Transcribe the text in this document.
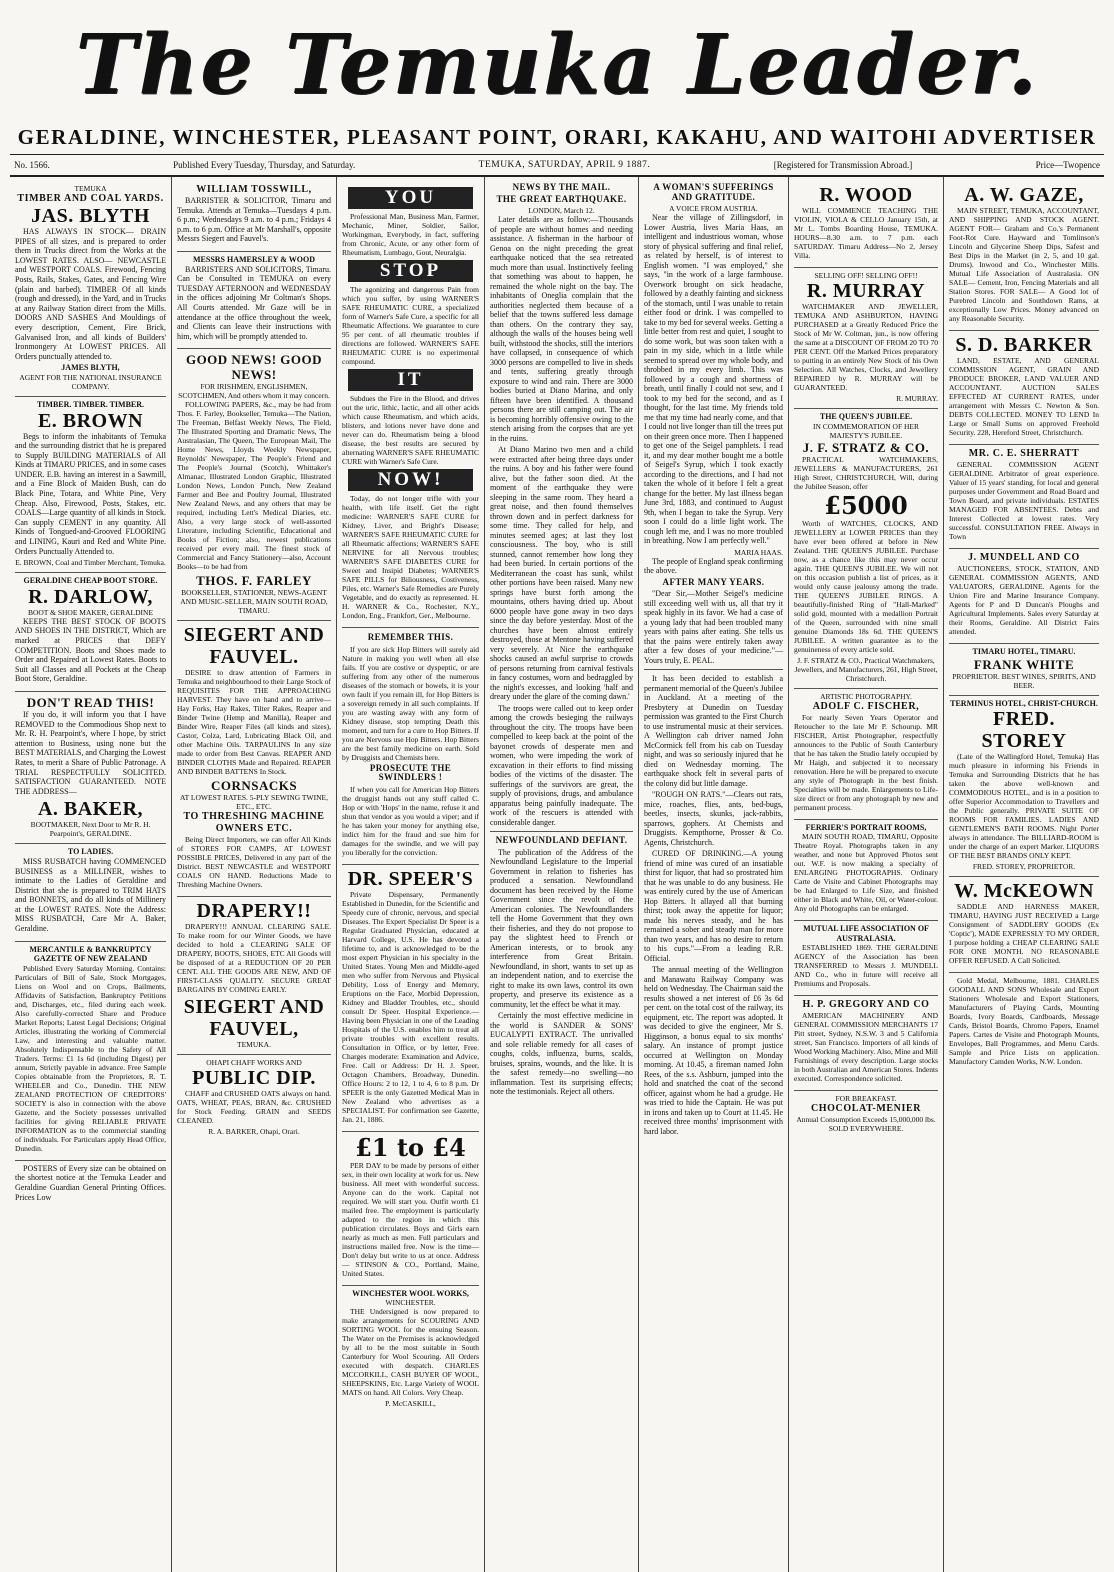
The Temuka Leader.
GERALDINE, WINCHESTER, PLEASANT POINT, ORARI, KAKAHU, AND WAITOHI ADVERTISER
No. 1566.	Published Every Tuesday, Thursday, and Saturday.	TEMUKA, SATURDAY, APRIL 9 1887.	[Registered for Transmission Abroad.]	Price—Twopence
TEMUKA
TIMBER AND COAL YARDS.
JAS. BLYTH

HAS ALWAYS IN STOCK— DRAIN PIPES of all sizes, and is prepared to order them in Trucks direct from the Works at the LOWEST RATES. ALSO— NEWCASTLE and WESTPORT COALS. Firewood, Fencing Posts, Rails, Stakes, Gates, and Fencing Wire (plain and barbed). TIMBER Of all kinds (rough and dressed), in the Yard, and in Trucks at any Railway Station direct from the Mills. DOORS AND SASHES And Mouldings of every description, Cement, Fire Brick, Galvanised Iron, and all kinds of Builders' Ironmongery At LOWEST PRICES. All Orders punctually attended to.

JAMES BLYTH,
AGENT FOR THE NATIONAL INSURANCE COMPANY.
TIMBER. TIMBER. TIMBER.
E. BROWN

Begs to inform the inhabitants of Temuka and the surrounding district that he is prepared to Supply BUILDING MATERIALS of All Kinds at TIMARU PRICES, and in some cases UNDER. E.B. having an interest in a Sawmill, and a Fine Block of Maiden Bush, can do Black Pine, Totara, and White Pine, Very Cheap. Also, Firewood, Posts, Stakes, etc. COALS—Large quantity of all kinds in Stock. Can supply CEMENT in any quantity. All Kinds of Tongued-and-Grooved FLOORING and LINING, Kauri and Red and White Pine. Orders Punctually Attended to.

E. BROWN, Coal and Timber Merchant, Temuka.
GERALDINE CHEAP BOOT STORE.
R. DARLOW,
BOOT & SHOE MAKER, GERALDINE

KEEPS THE BEST STOCK OF BOOTS AND SHOES IN THE DISTRICT, Which are marked at PRICES that DEFY COMPETITION. Boots and Shoes made to Order and Repaired at Lowest Rates. Boots to Suit all Classes and all Pockets at the Cheap Boot Store, Geraldine.

DON'T READ THIS!

If you do, it will inform you that I have REMOVED to the Commodious Shop next to Mr. R. H. Pearpoint's, where I hope, by strict attention to Business, using none but the BEST MATERIALS, and Charging the Lowest Rates, to merit a Share of Public Patronage. A TRIAL RESPECTFULLY SOLICITED. SATISFACTION GUARANTEED. NOTE THE ADDRESS—

A. BAKER,
BOOTMAKER, Next Door to Mr R. H. Pearpoint's, GERALDINE.
TO LADIES.

MISS RUSBATCH having COMMENCED BUSINESS as a MILLINER, wishes to intimate to the Ladies of Geraldine and District that she is prepared to TRIM HATS and BONNETS, and do all kinds of Millinery at the LOWEST RATES. Note the Address: MISS RUSBATCH, Care Mr A. Baker, Geraldine.

MERCANTILE & BANKRUPTCY GAZETTE OF NEW ZEALAND

Published Every Saturday Morning. Contains: Particulars of Bill of Sale, Stock Mortgages, Liens on Wool and on Crops, Bailments, Affidavits of Satisfaction, Bankruptcy Petitions and, Discharges, etc., filed during each week. Also carefully-corrected Share and Produce Market Reports; Latest Legal Decisions; Original Articles, illustrating the working of Commercial Law, and interesting and valuable matter. Absolutely Indispensable to the Safety of All Traders. Terms: £1 1s 6d (including Digest) per annum, Strictly payable in advance. Free Sample Copies obtainable from the Proprietors, R. T. WHEELER and Co., Dunedin. THE NEW ZEALAND PROTECTION OF CREDITORS' SOCIETY is also in connection with the above Gazette, and the Society possesses unrivalled facilities for giving RELIABLE PRIVATE INFORMATION as to the commercial standing of individuals. For Particulars apply Head Office, Dunedin.

POSTERS of Every size can be obtained on the shortest notice at the Temuka Leader and Geraldine Guardian General Printing Offices. Prices Low

WILLIAM TOSSWILL,

BARRISTER & SOLICITOR, Timaru and Temuka. Attends at Temuka—Tuesdays 4 p.m. 6 p.m.; Wednesdays 9 a.m. to 4 p.m.; Fridays 4 p.m. to 6 p.m. Office at Mr Marshall's, opposite Messrs Siegert and Fauvel's.

MESSRS HAMERSLEY & WOOD

BARRISTERS AND SOLICITORS, Timaru. Can be Consulted in TEMUKA on every TUESDAY AFTERNOON and WEDNESDAY in the offices adjoining Mr Coltman's Shops. All Courts attended. Mr Gaze will be in attendance at the office throughout the week, and Clients can leave their instructions with him, which will be promptly attended to.

GOOD NEWS! GOOD NEWS!
FOR IRISHMEN, ENGLISHMEN, SCOTCHMEN, And others whom it may concern.

FOLLOWING PAPERS, &c., may be had from Thos. F. Farley, Bookseller, Temuka—The Nation, The Freeman, Belfast Weekly News, The Field, The Illustrated Sporting and Dramatic News, The Australasian, The Queen, The European Mail, The Home News, Lloyds Weekly Newspaper, Reynolds' Newspaper, The People's Friend and The People's Journal (Scotch), Whittaker's Almanac, Illustrated London Graphic, Illustrated London News, London Punch, New Zealand Farmer and Bee and Poultry Journal, Illustrated New Zealand News, and any others that may be required, including Lett's Medical Diaries, etc. Also, a very large stock of well-assorted Literature, including Scientific, Educational and Books of Fiction; also, newest publications received per every mail. The finest stock of Commercial and Fancy Stationery—also, Account Books—to be had from

THOS. F. FARLEY
BOOKSELLER, STATIONER, NEWS-AGENT AND MUSIC-SELLER, MAIN SOUTH ROAD, TIMARU.
SIEGERT AND FAUVEL.

DESIRE to draw attention of Farmers in Temuka and neighbourhood to their Large Stock of REQUISITES FOR THE APPROACHING HARVEST. They have on hand and to arrive— Hay Forks, Hay Rakes, Tilter Rakes, Reaper and Binder Twine (Hemp and Manilla), Reaper and Binder Wire, Reaper Files (all kinds and sizes), Castor, Colza, Lard, Lubricating Black Oil, and other Machine Oils. TARPAULINS In any size made to order from Best Canvas. REAPER AND BINDER CLOTHS Made and Repaired. REAPER AND BINDER BATTENS In Stock.

CORNSACKS
AT LOWEST RATES. 5-PLY SEWING TWINE, ETC., ETC.
TO THRESHING MACHINE OWNERS ETC.

Being Direct Importers, we can offer All Kinds of STORES FOR CAMPS, AT LOWEST POSSIBLE PRICES, Delivered in any part of the District. BEST NEWCASTLE and WESTPORT COALS ON HAND. Reductions Made to Threshing Machine Owners.

DRAPERY!!

DRAPERY!!! ANNUAL CLEARING SALE. To make room for our Winter Goods, we have decided to hold a CLEARING SALE OF DRAPERY, BOOTS, SHOES, ETC All Goods will be disposed of at a REDUCTION OF 20 PER CENT. ALL THE GOODS ARE NEW, AND OF FIRST-CLASS QUALITY. SECURE GREAT BARGAINS BY COMING EARLY.

SIEGERT AND FAUVEL,
TEMUKA.
OHAPI CHAFF WORKS AND
PUBLIC DIP.

CHAFF and CRUSHED OATS always on hand. OATS, WHEAT, PEAS, BRAN, &c. CRUSHED for Stock Feeding. GRAIN and SEEDS CLEANED.

R. A. BARKER, Ohapi, Orari.
YOU

Professional Man, Business Man, Farmer, Mechanic, Miner, Soldier, Sailor, Workingman, Everybody, in fact, suffering from Chronic, Acute, or any other form of Rheumatism, Lumbago, Gout, Neuralgia.

STOP

The agonizing and dangerous Pain from which you suffer, by using WARNER'S SAFE RHEUMATIC CURE, a specialized form of Warner's Safe Cure, a specific for all Rheumatic Affections. We guarantee to cure 95 per cent. of all rheumatic troubles if directions are followed. WARNER'S SAFE RHEUMATIC CURE is no experimental compound.

IT

Subdues the Fire in the Blood, and drives out the uric, lithic, lactic, and all other acids which cause Rheumatism, and which acids, blisters, and lotions never have done and never can do. Rheumatism being a blood disease, the best results are secured by alternating WARNER'S SAFE RHEUMATIC CURE with Warner's Safe Cure.

NOW!

Today, do not longer trifle with your health, with life itself. Get the right medicine: WARNER'S SAFE CURE for Kidney, Liver, and Bright's Disease; WARNER'S SAFE RHEUMATIC CURE for all Rheumatic affections; WARNER'S SAFE NERVINE for all Nervous troubles; WARNER'S SAFE DIABETES CURE for Sweet and Insipid Diabetes; WARNER'S SAFE PILLS for Biliousness, Costiveness, Piles, etc. Warner's Safe Remedies are Purely Vegetable, and do exactly as represented. H. H. WARNER & Co., Rochester, N.Y., London, Eng., Frankfort, Ger., Melbourne.

REMEMBER THIS.

If you are sick Hop Bitters will surely aid Nature in making you well when all else fails. If you are costive or dyspeptic, or are suffering from any other of the numerous diseases of the stomach or bowels, it is your own fault if you remain ill, for Hop Bitters is a sovereign remedy in all such complaints. If you are wasting away with any form of Kidney disease, stop tempting Death this moment, and turn for a cure to Hop Bitters. If you are Nervous use Hop Bitters. Hop Bitters are the best family medicine on earth. Sold by Druggists and Chemists here.

PROSECUTE THE SWINDLERS !

If when you call for American Hop Bitters the druggist hands out any stuff called C. Hop or with 'Hops' in the name, refuse it and shun that vendor as you would a viper; and if he has taken your money for anything else, indict him for the fraud and sue him for damages for the swindle, and we will pay you liberally for the conviction.

DR. SPEER'S

Private Dispensary, Permanently Established in Dunedin, for the Scientific and Speedy cure of chronic, nervous, and special Diseases. The Expert Specialist Dr Speer is a Regular Graduated Physician, educated at Harvard College, U.S. He has devoted a lifetime to, and is acknowledged to be the most expert Physician in his specialty in the United States. Young Men and Middle-aged men who suffer from Nervous and Physical Debility, Loss of Energy and Memory, Eruptions on the Face, Morbid Depression, Kidney and Bladder Troubles, etc., should consult Dr Speer. Hospital Experience.—Having been Physician in one of the Leading Hospitals of the U.S. enables him to treat all private troubles with excellent results. Consultation in Office, or by letter, Free. Charges moderate: Examination and Advice, Free. Call or Address: Dr H. J. Speer, Octagon Chambers, Broadway, Dunedin. Office Hours: 2 to 12, 1 to 4, 6 to 8 p.m. Dr SPEER is the only Gazetted Medical Man in New Zealand who advertises as a SPECIALIST. For confirmation see Gazette, Jan. 21, 1886.

£1 to £4

PER DAY to be made by persons of either sex, in their own locality at work for us. New business. All meet with wonderful success. Anyone can do the work. Capital not required. We will start you. Outfit worth £1 mailed free. The employment is particularly adapted to the region in which this publication circulates. Boys and Girls earn nearly as much as men. Full particulars and instructions mailed free. Now is the time—Don't delay but write to us at once. Address— STINSON & CO., Portland, Maine, United States.

WINCHESTER WOOL WORKS,
WINCHESTER.

THE Undersigned is now prepared to make arrangements for SCOURING AND SORTING WOOL for the ensuing Season. The Water on the Premises is acknowledged by all to be the most suitable in South Canterbury for Wool Scouring. All Orders executed with despatch. CHARLES MCCORKILL, CASH BUYER OF WOOL, SHEEPSKINS, Etc. Large Variety of WOOL MATS on hand. All Colors. Very Cheap.

P. McCASKILL,
NEWS BY THE MAIL.
THE GREAT EARTHQUAKE.
LONDON, March 12.

Later details are as follow:—Thousands of people are without homes and needing assistance. A fisherman in the harbour of Genoa on the night preceding the great earthquake noticed that the sea retreated much more than usual. Instinctively feeling that something was about to happen, he remained the whole night on the bay. The inhabitants of Oneglia complain that the authorities neglected them because of a belief that the towns suffered less damage than others. On the contrary they say, although the walls of the houses being well built, withstood the shocks, still the interiors have collapsed, in consequence of which 3000 persons are compelled to live in sheds and tents, suffering greatly through exposure to wind and rain. There are 3000 bodies buried at Diano Marina, and only fifteen have been identified. A thousand persons there are still camping out. The air is becoming horribly offensive owing to the stench arising from the corpses that are yet in the ruins.

At Diano Marino two men and a child were extracted after being three days under the ruins. A boy and his father were found alive, but the father soon died. At the moment of the earthquake they were sleeping in the same room. They heard a great noise, and then found themselves thrown down and in perfect darkness for some time. They called for help, and minutes seemed ages; at last they lost consciousness. The boy, who is still stunned, cannot remember how long they had been buried. In certain portions of the Mediterranean the coast has sunk, whilst other portions have been raised. Many new springs have burst forth among the mountains, others having dried up. About 6000 people have gone away in two days since the day before yesterday. Most of the churches have been almost entirely destroyed, those at Mentone having suffered very severely. At Nice the earthquake shocks caused an awful surprise to crowds of persons returning from carnival festivals in fancy costumes, worn and bedraggled by the night's excesses, and looking 'half and dreary under the glare of the coming dawn.'

The troops were called out to keep order among the crowds besieging the railways throughout the city. The troops have been compelled to keep back at the point of the bayonet crowds of desperate men and women, who were impeding the work of excavation in their efforts to find missing bodies of the victims of the disaster. The sufferings of the survivors are great, the supply of provisions, drugs, and ambulance apparatus being painfully inadequate. The work of the rescuers is attended with considerable danger.

NEWFOUNDLAND DEFIANT.

The publication of the Address of the Newfoundland Legislature to the Imperial Government in relation to fisheries has produced a sensation. Newfoundland document has been received by the Home Government since the revolt of the American colonies. The Newfoundlanders tell the Home Government that they own their fisheries, and they do not propose to pay the slightest heed to French or American interests, or to brook any interference from Great Britain. Newfoundland, in short, wants to set up as an independent nation, and to exercise the right to make its own laws, control its own property, and preserve its existence as a community, let the effect be what it may.

Certainly the most effective medicine in the world is SANDER & SONS' EUCALYPTI EXTRACT. The unrivalled and sole reliable remedy for all cases of coughs, colds, influenza, burns, scalds, bruises, sprains, wounds, and the like. It is the safest remedy—no swelling—no inflammation. Test its surprising effects; note the testimonials. Reject all others.

A WOMAN'S SUFFERINGS AND GRATITUDE.
A VOICE FROM AUSTRIA.

Near the village of Zillingsdorf, in Lower Austria, lives Maria Haas, an intelligent and industrious woman, whose story of physical suffering and final relief, as related by herself, is of interest to English women. "I was employed," she says, "in the work of a large farmhouse. Overwork brought on sick headache, followed by a deathly fainting and sickness of the stomach, until I was unable to retain either food or drink. I was compelled to take to my bed for several weeks. Getting a little better from rest and quiet, I sought to do some work, but was soon taken with a pain in my side, which in a little while seemed to spread over my whole body, and throbbed in my every limb. This was followed by a cough and shortness of breath, until finally I could not sew, and I took to my bed for the second, and as I thought, for the last time. My friends told me that my time had nearly come, and that I could not live longer than till the trees put on their green once more. Then I happened to get one of the Seigel pamphlets. I read it, and my dear mother bought me a bottle of Seigel's Syrup, which I took exactly according to the directions, and I had not taken the whole of it before I felt a great change for the better. My last illness began June 3rd, 1883, and continued to August 9th, when I began to take the Syrup. Very soon I could do a little light work. The cough left me, and I was no more troubled in breathing. Now I am perfectly well."

MARIA HAAS.

The people of England speak confirming the above.

AFTER MANY YEARS.

"Dear Sir,—Mother Seigel's medicine still exceeding well with us, all that try it speak highly in its favor. We had a case of a young lady that had been troubled many years with pains after eating. She tells us that the pains were entirely taken away after a few doses of your medicine."—Yours truly, E. PEAL.

It has been decided to establish a permanent memorial of the Queen's Jubilee in Auckland. At a meeting of the Presbytery at Dunedin on Tuesday permission was granted to the First Church to use instrumental music at their services. A Wellington cab driver named John McCormick fell from his cab on Tuesday night, and was so seriously injured that he died on Wednesday morning. The earthquake shock felt in several parts of the colony did but little damage.

"ROUGH ON RATS."—Clears out rats, mice, roaches, flies, ants, bed-bugs, beetles, insects, skunks, jack-rabbits, sparrows, gophers. At Chemists and Druggists. Kempthorne, Prosser & Co. Agents, Christchurch.

CURED OF DRINKING.—A young friend of mine was cured of an insatiable thirst for liquor, that had so prostrated him that he was unable to do any business. He was entirely cured by the use of American Hop Bitters. It allayed all that burning thirst; took away the appetite for liquor; made his nerves steady, and he has remained a sober and steady man for more than two years, and has no desire to return to his cups."—From a leading R.R. Official.

The annual meeting of the Wellington and Manawatu Railway Company was held on Wednesday. The Chairman said the results showed a net interest of £6 3s 6d per cent. on the total cost of the railway, its equipment, etc. The report was adopted. It was decided to give the engineer, Mr S. Higginson, a bonus equal to six months' salary. An instance of prompt justice occurred at Wellington on Monday morning. At 10.45, a fireman named John Rees, of the s.s. Ashburn, jumped into the hold and snatched the coat of the second officer, against whom he had a grudge. He was tried to hide the Captain. He was put in irons and taken up to Court at 11.45. He received three months' imprisonment with hard labor.

R. WOOD

WILL COMMENCE TEACHING THE VIOLIN, VIOLA & CELLO January 15th, at Mr L. Tombs Boarding House, TEMUKA. HOURS—8.30 a.m. to 7 p.m. each SATURDAY. Timaru Address—No 2, Jersey Villa.

SELLING OFF! SELLING OFF!!
R. MURRAY

WATCHMAKER AND JEWELLER, TEMUKA AND ASHBURTON, HAVING PURCHASED at a Greatly Reduced Price the Stock of Mr W. Coltman, jun., is now offering the same at a DISCOUNT OF FROM 20 TO 70 PER CENT. Off the Marked Prices preparatory to putting in an entirely New Stock of his Own Selection. All Watches, Clocks, and Jewellery REPAIRED by R. MURRAY will be GUARANTEED.

R. MURRAY.
THE QUEEN'S JUBILEE.
IN COMMEMORATION OF HER MAJESTY'S JUBILEE.
J. F. STRATZ & CO.

PRACTICAL WATCHMAKERS, JEWELLERS & MANUFACTURERS, 261 High Street, CHRISTCHURCH, Will, during the Jubilee Season, offer

£5000

Worth of WATCHES, CLOCKS, AND JEWELLERY at LOWER PRICES than they have ever been offered at before in New Zealand. THE QUEEN'S JUBILEE. Purchase now, as a chance like this may never occur again. THE QUEEN'S JUBILEE. We will not on this occasion publish a list of prices, as it would only cause jealousy among the trade. THE QUEEN'S JUBILEE RINGS. A beautifully-finished Ring of "Hall-Marked" solid gold, mounted with a medallion Portrait of the Queen, surrounded with nine small genuine Diamonds 18s 6d. THE QUEEN'S JUBILEE. A written guarantee as to the genuineness of every article sold.

J. F. STRATZ & CO., Practical Watchmakers, Jewellers, and Manufacturers, 261, High Street, Christchurch.
ARTISTIC PHOTOGRAPHY.
ADOLF C. FISCHER,

For nearly Seven Years Operator and Retoucher to the late Mr P. Schourup. MR FISCHER, Artist Photographer, respectfully announces to the Public of South Canterbury that he has taken the Studio lately occupied by Mr Haigh, and subjected it to necessary renovation. Here he will be prepared to execute any style of Photograph in the best finish. Specialties will be made. Enlargements to Life-size direct or from any photograph by new and permanent process.

FERRIER'S PORTRAIT ROOMS,

MAIN SOUTH ROAD, TIMARU, Opposite Theatre Royal. Photographs taken in any weather, and none but Approved Photos sent out. W.F. is now making a specialty of ENLARGING PHOTOGRAPHS. Ordinary Carte de Visite and Cabinet Photographs may be had Enlarged to Life Size, and finished either in Black and White, Oil, or Water-colour. Any old Photographs can be enlarged.

MUTUAL LIFE ASSOCIATION OF AUSTRALASIA.

ESTABLISHED 1869. THE GERALDINE AGENCY of the Association has been TRANSFERRED to Messrs J. MUNDELL AND Co., who in future will receive all Premiums and Proposals.

H. P. GREGORY AND CO

AMERICAN MACHINERY AND GENERAL COMMISSION MERCHANTS 17 Pitt street, Sydney, N.S.W. 3 and 5 California street, San Francisco. Importers of all kinds of Wood Working Machinery. Also, Mine and Mill Furnishings of every description. Large stocks in both Australian and American Stores. Indents executed. Correspondence solicited.

FOR BREAKFAST.
CHOCOLAT-MENIER
Annual Consumption Exceeds 15,000,000 lbs. SOLD EVERYWHERE.
A. W. GAZE,

MAIN STREET, TEMUKA, ACCOUNTANT, AND SHIPPING AND STOCK AGENT. AGENT FOR— Graham and Co.'s Permanent Foot-Rot Cure. Hayward and Tomlinson's Lincoln and Glycerine Sheep Dips, Safest and Best Dips in the Market (in 2, 5, and 10 gal. Drums). Inwood and Co., Winchester Mills. Mutual Life Association of Australasia. ON SALE— Cement, Iron, Fencing Materials and all Station Stores. FOR SALE— A Good lot of Purebred Lincoln and Southdown Rams, at exceptionally Low Prices. Money advanced on any Reasonable Security.

S. D. BARKER

LAND, ESTATE, AND GENERAL COMMISSION AGENT, GRAIN AND PRODUCE BROKER, LAND VALUER AND ACCOUNTANT. AUCTION SALES EFFECTED AT CURRENT RATES, under arrangement with Messrs C. Newton & Son. DEBTS COLLECTED. MONEY TO LEND In Large or Small Sums on approved Freehold Security. 228, Hereford Street, Christchurch.

MR. C. E. SHERRATT

GENERAL COMMISSION AGENT GERALDINE. Arbitrator of great experience. Valuer of 15 years' standing, for local and general purposes under Government and Road Board and Town Board, and private individuals. ESTATES MANAGED FOR ABSENTEES. Debts and Interest Collected at lowest rates. Very successful. CONSULTATION FREE. Always in Town

J. MUNDELL AND CO

AUCTIONEERS, STOCK, STATION, AND GENERAL COMMISSION AGENTS, AND VALUATORS, GERALDINE. Agents for the Union Fire and Marine Insurance Company. Agents for P and D Duncan's Ploughs and Agricultural Implements. Sales every Saturday at their Rooms, Geraldine. All District Fairs attended.

TIMARU HOTEL, TIMARU.
FRANK WHITE
PROPRIETOR. BEST WINES, SPIRITS, AND BEER.
TERMINUS HOTEL, CHRIST-CHURCH.
FRED. STOREY

(Late of the Wallingford Hotel, Temuka) Has much pleasure in informing his Friends in Temuka and Surrounding Districts that he has taken the above well-known and COMMODIOUS HOTEL, and is in a position to offer Superior Accommodation to Travellers and the Public generally. PRIVATE SUITE OF ROOMS FOR FAMILIES. LADIES AND GENTLEMEN'S BATH ROOMS. Night Porter always in attendance. The BILLIARD-ROOM is under the charge of an expert Marker. LIQUORS OF THE BEST BRANDS ONLY KEPT.

FRED. STOREY, PROPRIETOR.
W. McKEOWN

SADDLE AND HARNESS MAKER, TIMARU, HAVING JUST RECEIVED a Large Consignment of SADDLERY GOODS (Ex 'Coptic'), MADE EXPRESSLY TO MY ORDER, I purpose holding a CHEAP CLEARING SALE FOR ONE MONTH. NO REASONABLE OFFER REFUSED. A Call Solicited.

Gold Medal, Melbourne, 1881. CHARLES GOODALL AND SONS Wholesale and Export Stationers Wholesale and Export Stationers, Manufacturers of Playing Cards, Mounting Boards, Ivory Boards, Cardboards, Message Cards, Bristol Boards, Chromo Papers, Enamel Papers. Cartes de Visite and Photograph Mounts, Envelopes, Ball Programmes, and Menu Cards. Sample and Price Lists on application. Manufactory Camden Works, N.W. London.
